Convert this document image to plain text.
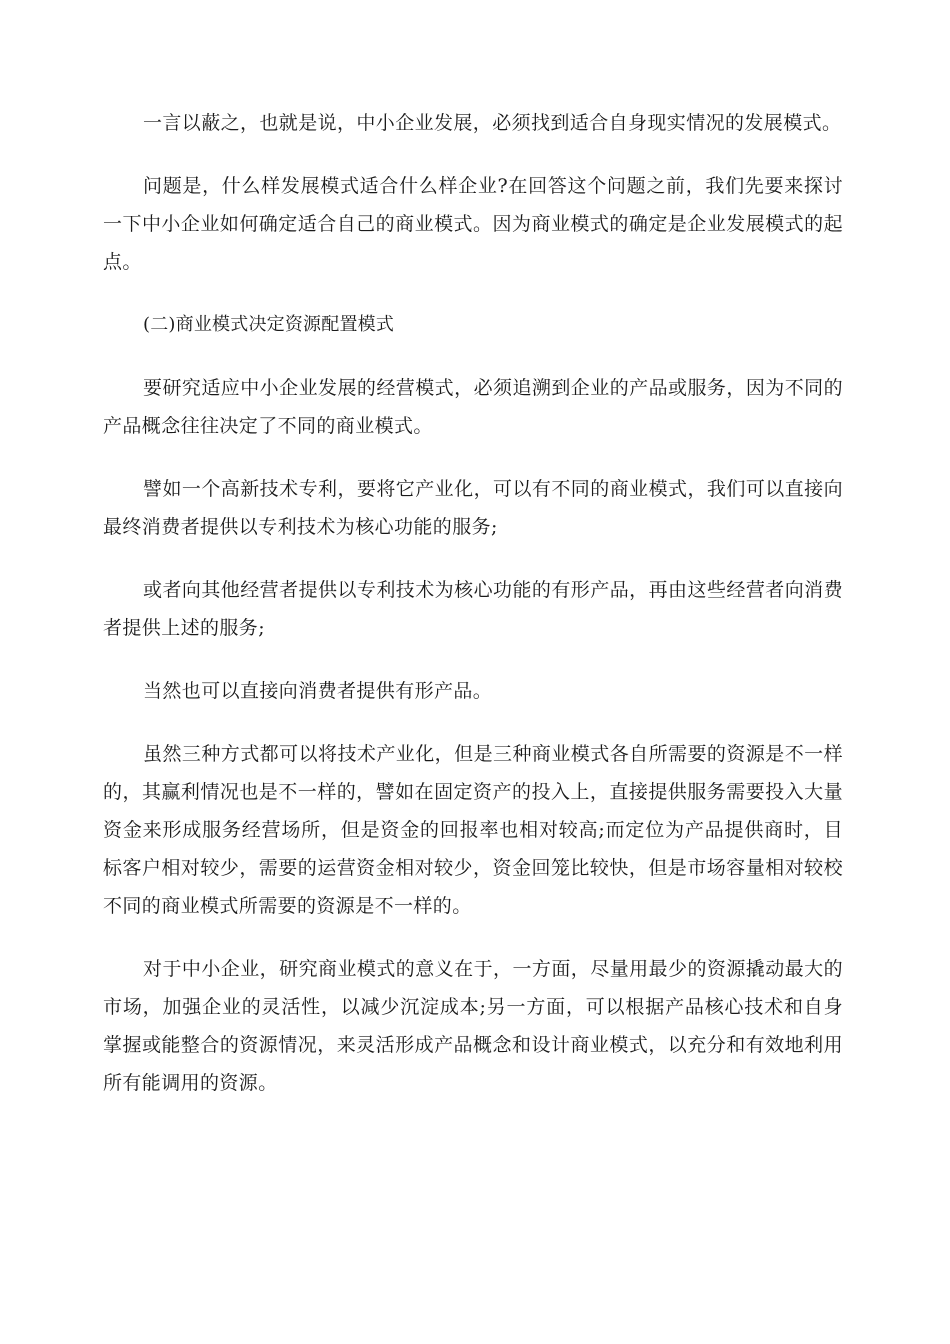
一言以蔽之，也就是说，中小企业发展，必须找到适合自身现实情况的发展模式。

问题是，什么样发展模式适合什么样企业?在回答这个问题之前，我们先要来探讨一下中小企业如何确定适合自己的商业模式。因为商业模式的确定是企业发展模式的起点。

(二)商业模式决定资源配置模式

要研究适应中小企业发展的经营模式，必须追溯到企业的产品或服务，因为不同的产品概念往往决定了不同的商业模式。

譬如一个高新技术专利，要将它产业化，可以有不同的商业模式，我们可以直接向最终消费者提供以专利技术为核心功能的服务;

或者向其他经营者提供以专利技术为核心功能的有形产品，再由这些经营者向消费者提供上述的服务;

当然也可以直接向消费者提供有形产品。

虽然三种方式都可以将技术产业化，但是三种商业模式各自所需要的资源是不一样的，其赢利情况也是不一样的，譬如在固定资产的投入上，直接提供服务需要投入大量资金来形成服务经营场所，但是资金的回报率也相对较高;而定位为产品提供商时，目标客户相对较少，需要的运营资金相对较少，资金回笼比较快，但是市场容量相对较校不同的商业模式所需要的资源是不一样的。

对于中小企业，研究商业模式的意义在于，一方面，尽量用最少的资源撬动最大的市场，加强企业的灵活性，以减少沉淀成本;另一方面，可以根据产品核心技术和自身掌握或能整合的资源情况，来灵活形成产品概念和设计商业模式，以充分和有效地利用所有能调用的资源。
